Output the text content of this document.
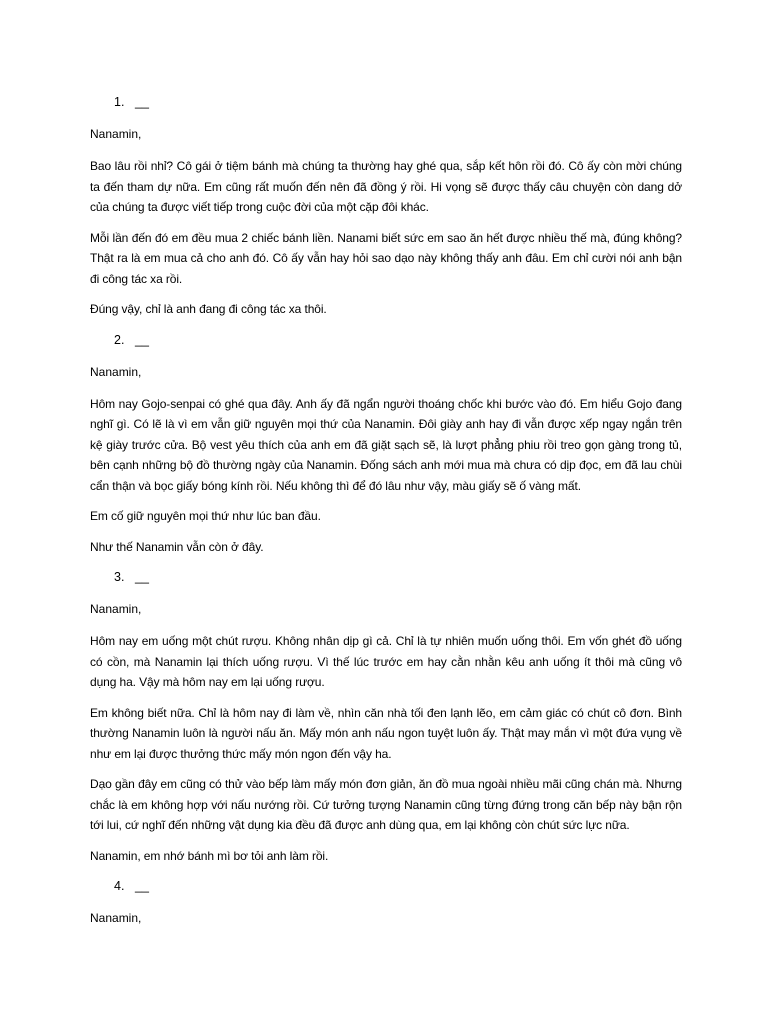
1. __

Nanamin,

Bao lâu rồi nhỉ? Cô gái ở tiệm bánh mà chúng ta thường hay ghé qua, sắp kết hôn rồi đó. Cô ấy còn mời chúng ta đến tham dự nữa. Em cũng rất muốn đến nên đã đồng ý rồi. Hi vọng sẽ được thấy câu chuyện còn dang dở của chúng ta được viết tiếp trong cuộc đời của một cặp đôi khác.

Mỗi lần đến đó em đều mua 2 chiếc bánh liền. Nanami biết sức em sao ăn hết được nhiều thế mà, đúng không? Thật ra là em mua cả cho anh đó. Cô ấy vẫn hay hỏi sao dạo này không thấy anh đâu. Em chỉ cười nói anh bận đi công tác xa rồi.

Đúng vậy, chỉ là anh đang đi công tác xa thôi.

2. __

Nanamin,

Hôm nay Gojo-senpai có ghé qua đây. Anh ấy đã ngẩn người thoáng chốc khi bước vào đó. Em hiểu Gojo đang nghĩ gì. Có lẽ là vì em vẫn giữ nguyên mọi thứ của Nanamin. Đôi giày anh hay đi vẫn được xếp ngay ngắn trên kệ giày trước cửa. Bộ vest yêu thích của anh em đã giặt sạch sẽ, là lượt phẳng phiu rồi treo gọn gàng trong tủ, bên cạnh những bộ đồ thường ngày của Nanamin. Đống sách anh mới mua mà chưa có dịp đọc, em đã lau chùi cẩn thận và bọc giấy bóng kính rồi. Nếu không thì để đó lâu như vậy, màu giấy sẽ ố vàng mất.

Em cố giữ nguyên mọi thứ như lúc ban đầu.

Như thế Nanamin vẫn còn ở đây.

3. __

Nanamin,

Hôm nay em uống một chút rượu. Không nhân dịp gì cả. Chỉ là tự nhiên muốn uống thôi. Em vốn ghét đồ uống có cồn, mà Nanamin lại thích uống rượu. Vì thế lúc trước em hay cằn nhằn kêu anh uống ít thôi mà cũng vô dụng ha. Vậy mà hôm nay em lại uống rượu.

Em không biết nữa. Chỉ là hôm nay đi làm về, nhìn căn nhà tối đen lạnh lẽo, em cảm giác có chút cô đơn. Bình thường Nanamin luôn là người nấu ăn. Mấy món anh nấu ngon tuyệt luôn ấy. Thật may mắn vì một đứa vụng về như em lại được thưởng thức mấy món ngon đến vậy ha.

Dạo gần đây em cũng có thử vào bếp làm mấy món đơn giản, ăn đồ mua ngoài nhiều mãi cũng chán mà. Nhưng chắc là em không hợp với nấu nướng rồi. Cứ tưởng tượng Nanamin cũng từng đứng trong căn bếp này bận rộn tới lui, cứ nghĩ đến những vật dụng kia đều đã được anh dùng qua, em lại không còn chút sức lực nữa.

Nanamin, em nhớ bánh mì bơ tỏi anh làm rồi.

4. __

Nanamin,
